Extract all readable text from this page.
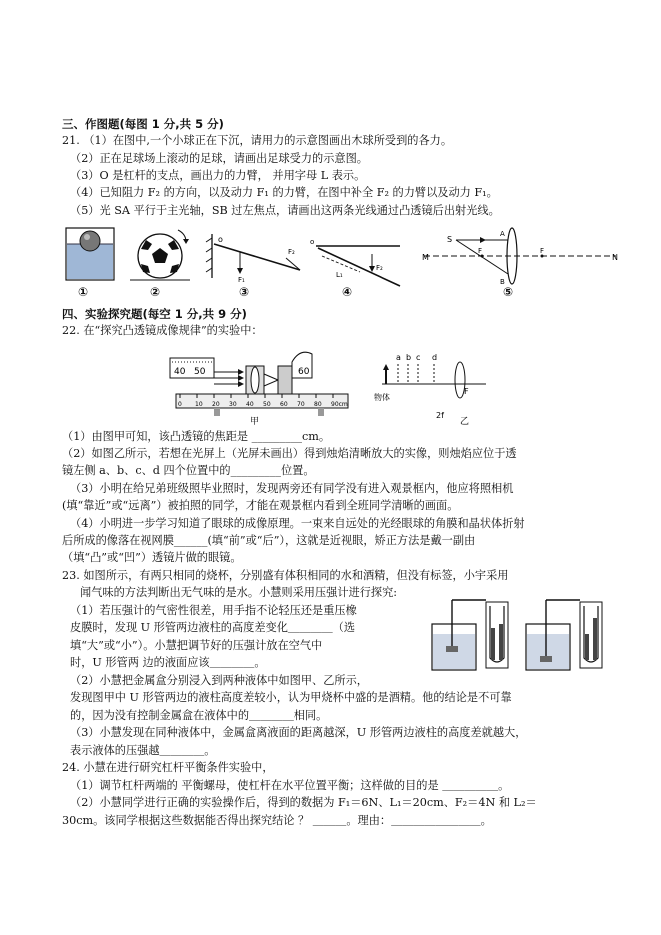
三、作图题(每图 1 分,共 5 分)
21. （1）在图中,一个小球正在下沉，请用力的示意图画出木球所受到的各力。
（2）正在足球场上滚动的足球，请画出足球受力的示意图。
（3）O 是杠杆的支点，画出力的力臂， 并用字母 L 表示。
（4）已知阻力 F₂ 的方向，以及动力 F₁ 的力臂，在图中补全 F₂ 的力臂以及动力 F₁。
（5）光 SA 平行于主光轴，SB 过左焦点，请画出这两条光线通过凸透镜后出射光线。
o
F₁
F₂
o
L₁
F₂
M	N
S
A
B
F	F
①	②	③	④	⑤
四、实验探究题(每空 1 分,共 9 分)
22. 在“探究凸透镜成像规律”的实验中：
0 10 20 30 40 50 60 70 80 90cm
40 50	60
甲
物体
a b c d
2f
F
乙
（1）由图甲可知，该凸透镜的焦距是 _________cm。
（2）如图乙所示，若想在光屏上（光屏未画出）得到烛焰清晰放大的实像，则烛焰应位于透
镜左侧 a、b、c、d 四个位置中的_________位置。
（3）小明在给兄弟班级照毕业照时，发现两旁还有同学没有进入观景框内，他应将照相机
(填“靠近”或“远离”）被拍照的同学，才能在观景框内看到全班同学清晰的画面。
（4）小明进一步学习知道了眼球的成像原理。一束来自远处的光经眼球的角膜和晶状体折射
后所成的像落在视网膜______(填“前”或“后”），这就是近视眼，矫正方法是戴一副由
（填“凸”或“凹”）透镜片做的眼镜。
23. 如图所示，有两只相同的烧杯，分别盛有体积相同的水和酒精，但没有标签，小宇采用
闻气味的方法判断出无气味的是水。小慧则采用压强计进行探究:
（1）若压强计的气密性很差，用手指不论轻压还是重压橡
皮膜时，发现 U 形管两边液柱的高度差变化＿＿＿＿（选
填“大”或“小”）。小慧把调节好的压强计放在空气中
时，U 形管两 边的液面应该＿＿＿＿。
（2）小慧把金属盒分别浸入到两种液体中如图甲、乙所示，
发现图甲中 U 形管两边的液柱高度差较小，认为甲烧杯中盛的是酒精。他的结论是不可靠
的，因为没有控制金属盒在液体中的＿＿＿＿相同。
（3）小慧发现在同种液体中，金属盒离液面的距离越深，U 形管两边液柱的高度差就越大，
表示液体的压强越＿＿＿＿。
24. 小慧在进行研究杠杆平衡条件实验中，
（1）调节杠杆两端的 平衡螺母，使杠杆在水平位置平衡；这样做的目的是 ＿＿＿＿＿。
（2）小慧同学进行正确的实验操作后，得到的数据为 F₁＝6N、L₁＝20cm、F₂＝4N 和 L₂＝
30cm。该同学根据这些数据能否得出探究结论 ？ ＿＿＿。理由：＿＿＿＿＿＿＿＿。
